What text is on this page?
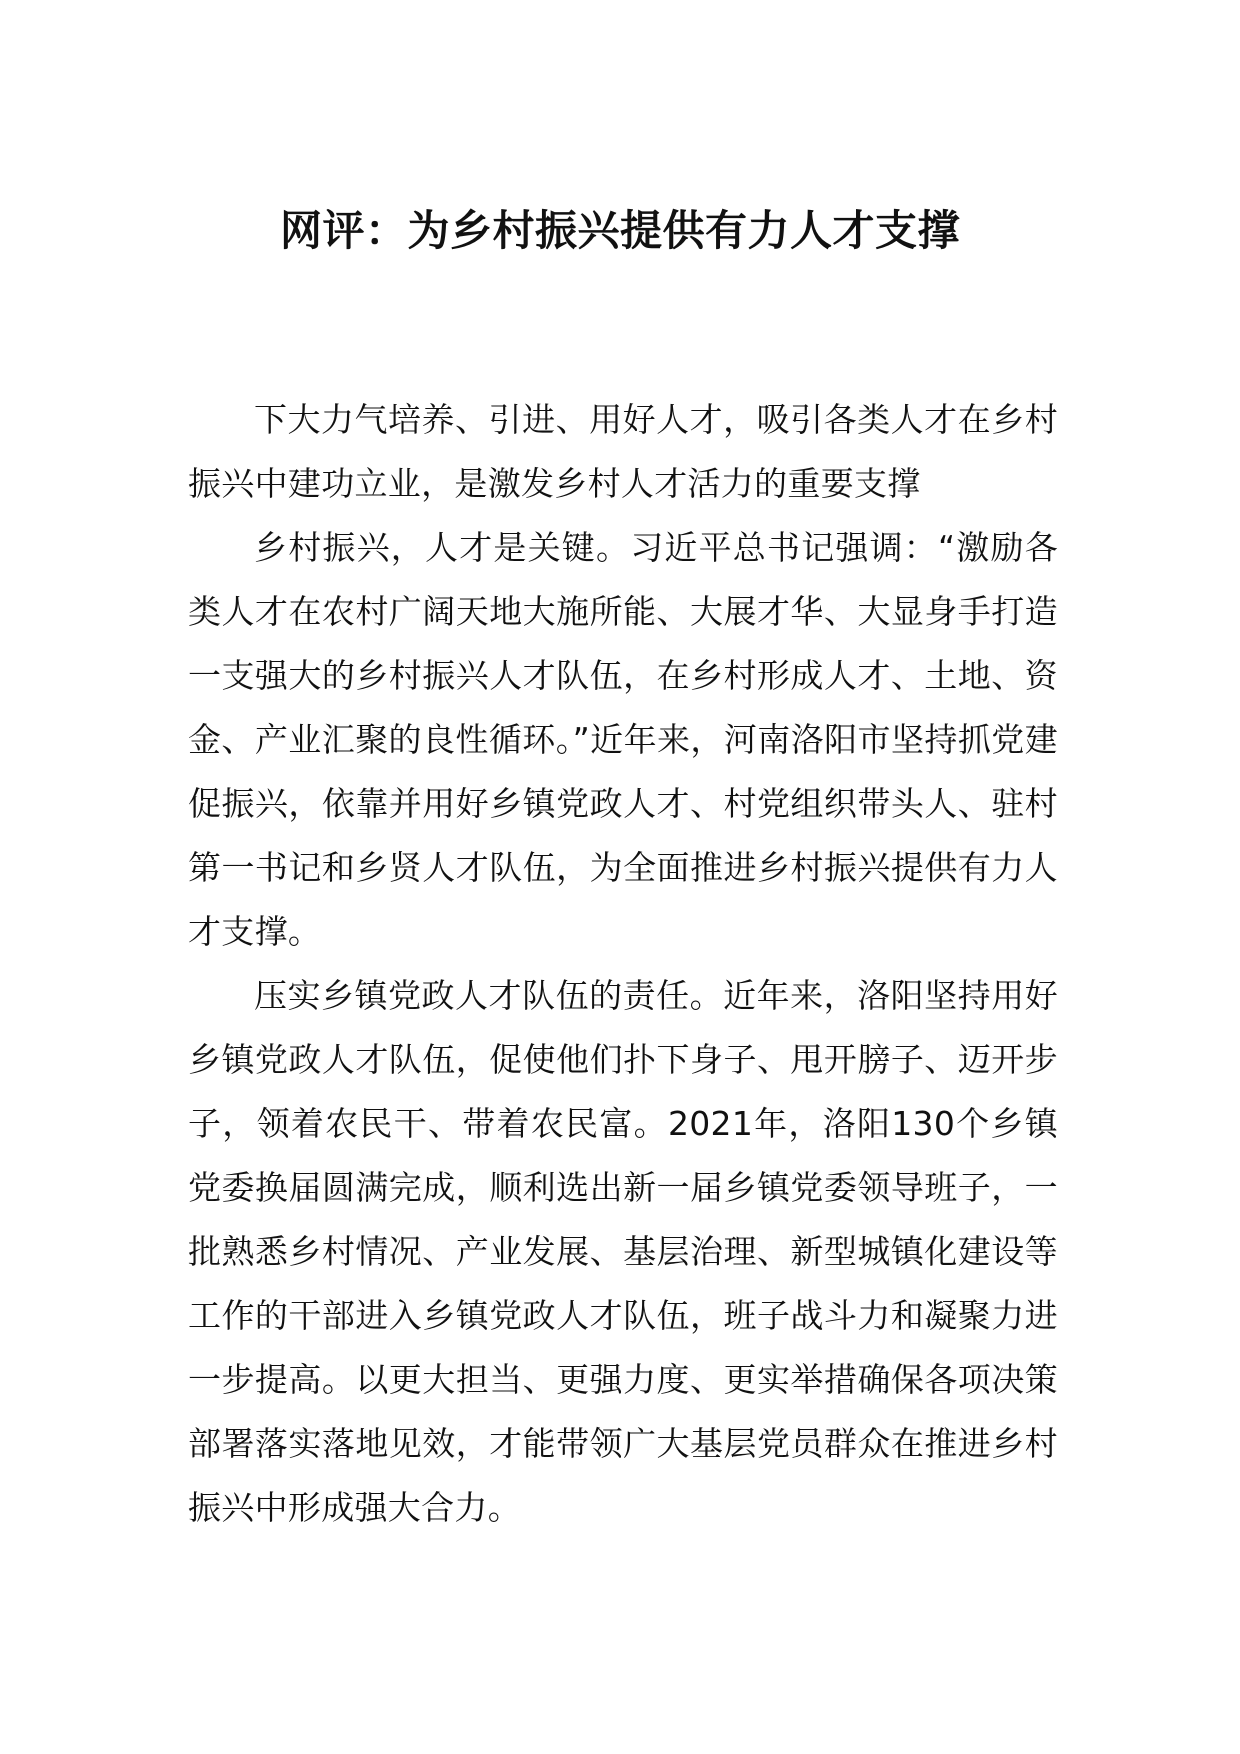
网评：为乡村振兴提供有力人才支撑

下大力气培养、引进、用好人才，吸引各类人才在乡村振兴中建功立业，是激发乡村人才活力的重要支撑

乡村振兴，人才是关键。习近平总书记强调：“激励各类人才在农村广阔天地大施所能、大展才华、大显身手打造一支强大的乡村振兴人才队伍，在乡村形成人才、土地、资金、产业汇聚的良性循环。”近年来，河南洛阳市坚持抓党建促振兴，依靠并用好乡镇党政人才、村党组织带头人、驻村第一书记和乡贤人才队伍，为全面推进乡村振兴提供有力人才支撑。

压实乡镇党政人才队伍的责任。近年来，洛阳坚持用好乡镇党政人才队伍，促使他们扑下身子、甩开膀子、迈开步子，领着农民干、带着农民富。2021年，洛阳130个乡镇党委换届圆满完成，顺利选出新一届乡镇党委领导班子，一批熟悉乡村情况、产业发展、基层治理、新型城镇化建设等工作的干部进入乡镇党政人才队伍，班子战斗力和凝聚力进一步提高。以更大担当、更强力度、更实举措确保各项决策部署落实落地见效，才能带领广大基层党员群众在推进乡村振兴中形成强大合力。
